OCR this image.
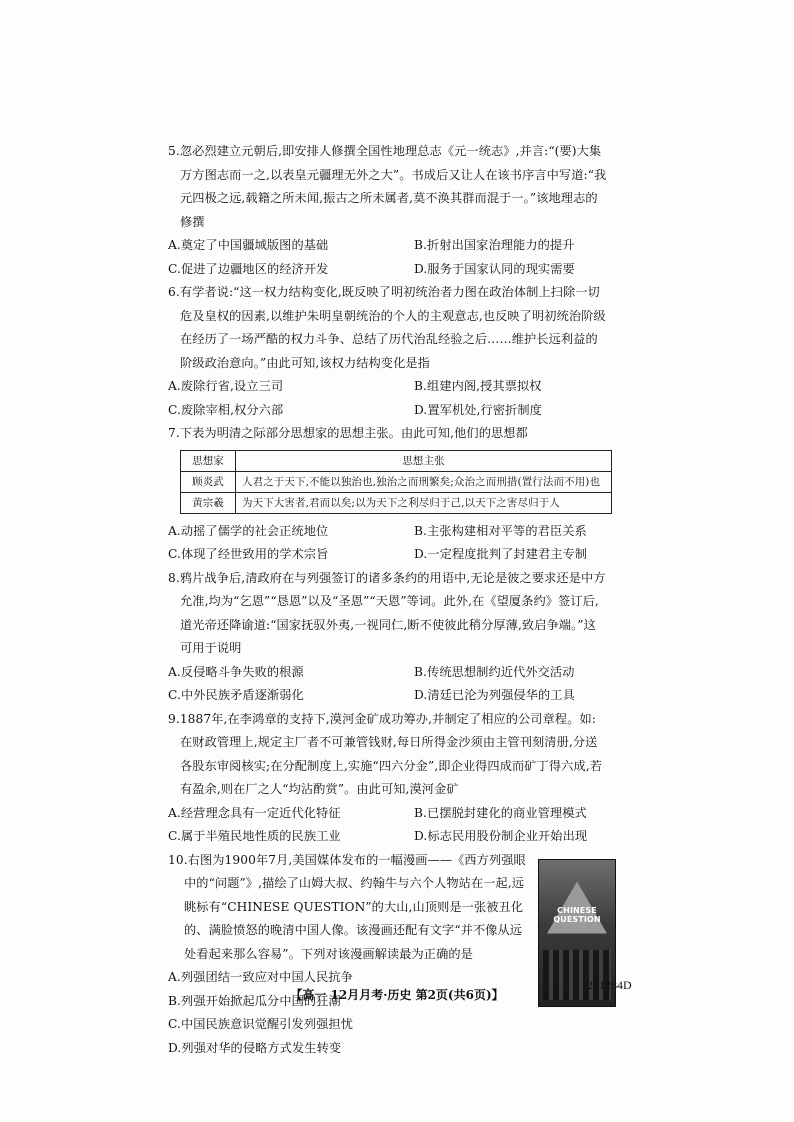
5.忽必烈建立元朝后,即安排人修撰全国性地理总志《元一统志》,并言:“(要)大集万方图志而一之,以表皇元疆理无外之大”。书成后又让人在该书序言中写道:“我元四极之远,载籍之所未闻,振古之所未属者,莫不涣其群而混于一。”该地理志的修撰
A.奠定了中国疆域版图的基础	B.折射出国家治理能力的提升
C.促进了边疆地区的经济开发	D.服务于国家认同的现实需要
6.有学者说:“这一权力结构变化,既反映了明初统治者力图在政治体制上扫除一切危及皇权的因素,以维护朱明皇朝统治的个人的主观意志,也反映了明初统治阶级在经历了一场严酷的权力斗争、总结了历代治乱经验之后……维护长远利益的阶级政治意向。”由此可知,该权力结构变化是指
A.废除行省,设立三司	B.组建内阁,授其票拟权
C.废除宰相,权分六部	D.置军机处,行密折制度
7.下表为明清之际部分思想家的思想主张。由此可知,他们的思想都
思想家	思想主张
顾炎武	人君之于天下,不能以独治也,独治之而刑繁矣;众治之而刑措(置行法而不用)也
黄宗羲	为天下大害者,君而以矣;以为天下之利尽归于己,以天下之害尽归于人
A.动摇了儒学的社会正统地位	B.主张构建相对平等的君臣关系
C.体现了经世致用的学术宗旨	D.一定程度批判了封建君主专制
8.鸦片战争后,清政府在与列强签订的诸多条约的用语中,无论是彼之要求还是中方允准,均为“乞恩”“恳恩”以及“圣恩”“天恩”等词。此外,在《望厦条约》签订后,道光帝还降谕道:“国家抚驭外夷,一视同仁,断不使彼此稍分厚薄,致启争端。”这可用于说明
A.反侵略斗争失败的根源	B.传统思想制约近代外交活动
C.中外民族矛盾逐渐弱化	D.清廷已沦为列强侵华的工具
9.1887年,在李鸿章的支持下,漠河金矿成功筹办,并制定了相应的公司章程。如:在财政管理上,规定主厂者不可兼管钱财,每日所得金沙须由主管刊刻清册,分送各股东审阅核实;在分配制度上,实施“四六分金”,即企业得四成而矿丁得六成,若有盈余,则在厂之人“均沾酌赏”。由此可知,漠河金矿
A.经营理念具有一定近代化特征	B.已摆脱封建化的商业管理模式
C.属于半殖民地性质的民族工业	D.标志民用股份制企业开始出现
10.右图为1900年7月,美国媒体发布的一幅漫画——《西方列强眼中的“问题”》,描绘了山姆大叔、约翰牛与六个人物站在一起,远眺标有“CHINESE QUESTION”的大山,山顶则是一张被丑化的、满脸愤怒的晚清中国人像。该漫画还配有文字“并不像从远处看起来那么容易”。下列对该漫画解读最为正确的是
A.列强团结一致应对中国人民抗争
B.列强开始掀起瓜分中国的狂潮
C.中国民族意识觉醒引发列强担忧
D.列强对华的侵略方式发生转变
CHINESE QUESTION
241284D
【高一 12月月考·历史 第2页(共6页)】
